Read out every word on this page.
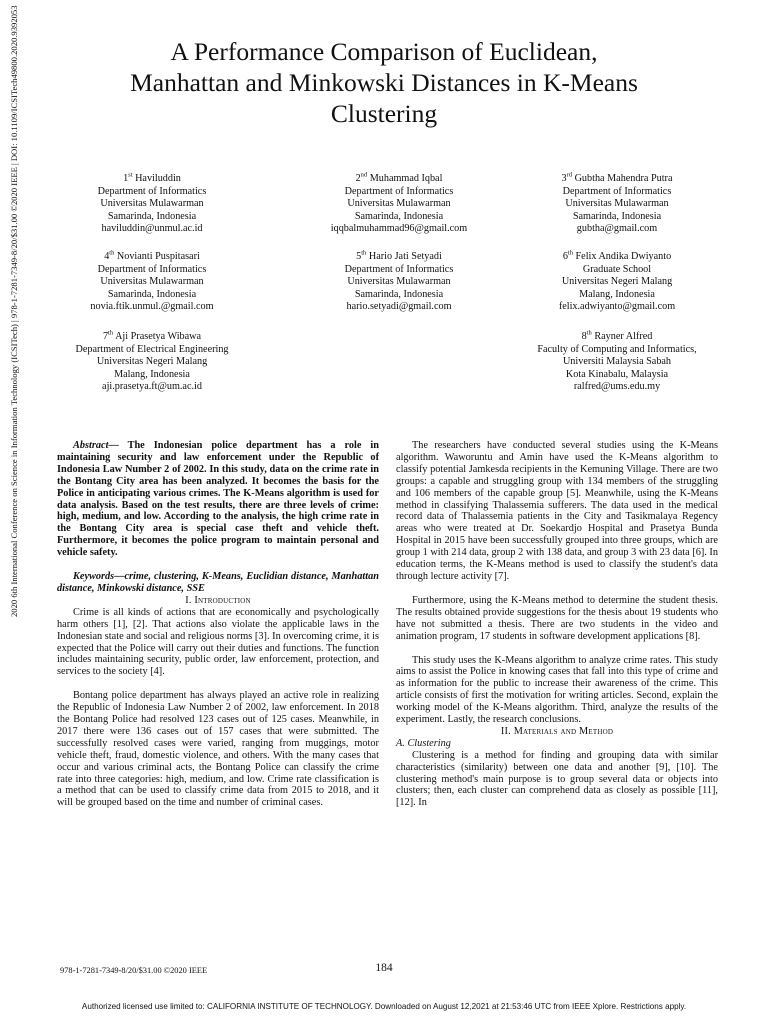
A Performance Comparison of Euclidean,
Manhattan and Minkowski Distances in K-Means
Clustering
2020 6th International Conference on Science in Information Technology (ICSITech) | 978-1-7281-7349-8/20/$31.00 ©2020 IEEE | DOI: 10.1109/ICSITech49800.2020.9392053	1st Haviluddin
Department of Informatics
Universitas Mulawarman
Samarinda, Indonesia
haviluddin@unmul.ac.id
2nd Muhammad Iqbal
Department of Informatics
Universitas Mulawarman
Samarinda, Indonesia
iqqbalmuhammad96@gmail.com
3rd Gubtha Mahendra Putra
Department of Informatics
Universitas Mulawarman
Samarinda, Indonesia
gubtha@gmail.com
4th Novianti Puspitasari
Department of Informatics
Universitas Mulawarman
Samarinda, Indonesia
novia.ftik.unmul.@gmail.com
5th Hario Jati Setyadi
Department of Informatics
Universitas Mulawarman
Samarinda, Indonesia
hario.setyadi@gmail.com
6th Felix Andika Dwiyanto
Graduate School
Universitas Negeri Malang
Malang, Indonesia
felix.adwiyanto@gmail.com
7th Aji Prasetya Wibawa
Department of Electrical Engineering
Universitas Negeri Malang
Malang, Indonesia
aji.prasetya.ft@um.ac.id
8th Rayner Alfred
Faculty of Computing and Informatics,
Universiti Malaysia Sabah
Kota Kinabalu, Malaysia
ralfred@ums.edu.my

Abstract— The Indonesian police department has a role in maintaining security and law enforcement under the Republic of Indonesia Law Number 2 of 2002. In this study, data on the crime rate in the Bontang City area has been analyzed. It becomes the basis for the Police in anticipating various crimes. The K-Means algorithm is used for data analysis. Based on the test results, there are three levels of crime: high, medium, and low. According to the analysis, the high crime rate in the Bontang City area is special case theft and vehicle theft. Furthermore, it becomes the police program to maintain personal and vehicle safety.

Keywords—crime, clustering, K-Means, Euclidian distance, Manhattan distance, Minkowski distance, SSE

I. Introduction

Crime is all kinds of actions that are economically and psychologically harm others [1], [2]. That actions also violate the applicable laws in the Indonesian state and social and religious norms [3]. In overcoming crime, it is expected that the Police will carry out their duties and functions. The function includes maintaining security, public order, law enforcement, protection, and services to the society [4].

Bontang police department has always played an active role in realizing the Republic of Indonesia Law Number 2 of 2002, law enforcement. In 2018 the Bontang Police had resolved 123 cases out of 125 cases. Meanwhile, in 2017 there were 136 cases out of 157 cases that were submitted. The successfully resolved cases were varied, ranging from muggings, motor vehicle theft, fraud, domestic violence, and others. With the many cases that occur and various criminal acts, the Bontang Police can classify the crime rate into three categories: high, medium, and low. Crime rate classification is a method that can be used to classify crime data from 2015 to 2018, and it will be grouped based on the time and number of criminal cases.

The researchers have conducted several studies using the K-Means algorithm. Waworuntu and Amin have used the K-Means algorithm to classify potential Jamkesda recipients in the Kemuning Village. There are two groups: a capable and struggling group with 134 members of the struggling and 106 members of the capable group [5]. Meanwhile, using the K-Means method in classifying Thalassemia sufferers. The data used in the medical record data of Thalassemia patients in the City and Tasikmalaya Regency areas who were treated at Dr. Soekardjo Hospital and Prasetya Bunda Hospital in 2015 have been successfully grouped into three groups, which are group 1 with 214 data, group 2 with 138 data, and group 3 with 23 data [6]. In education terms, the K-Means method is used to classify the student's data through lecture activity [7].

Furthermore, using the K-Means method to determine the student thesis. The results obtained provide suggestions for the thesis about 19 students who have not submitted a thesis. There are two students in the video and animation program, 17 students in software development applications [8].

This study uses the K-Means algorithm to analyze crime rates. This study aims to assist the Police in knowing cases that fall into this type of crime and as information for the public to increase their awareness of the crime. This article consists of first the motivation for writing articles. Second, explain the working model of the K-Means algorithm. Third, analyze the results of the experiment. Lastly, the research conclusions.

II. Materials and Method

A. Clustering

Clustering is a method for finding and grouping data with similar characteristics (similarity) between one data and another [9], [10]. The clustering method's main purpose is to group several data or objects into clusters; then, each cluster can comprehend data as closely as possible [11], [12]. In

978-1-7281-7349-8/20/$31.00 ©2020 IEEE	184
Authorized licensed use limited to: CALIFORNIA INSTITUTE OF TECHNOLOGY. Downloaded on August 12,2021 at 21:53:46 UTC from IEEE Xplore. Restrictions apply.
